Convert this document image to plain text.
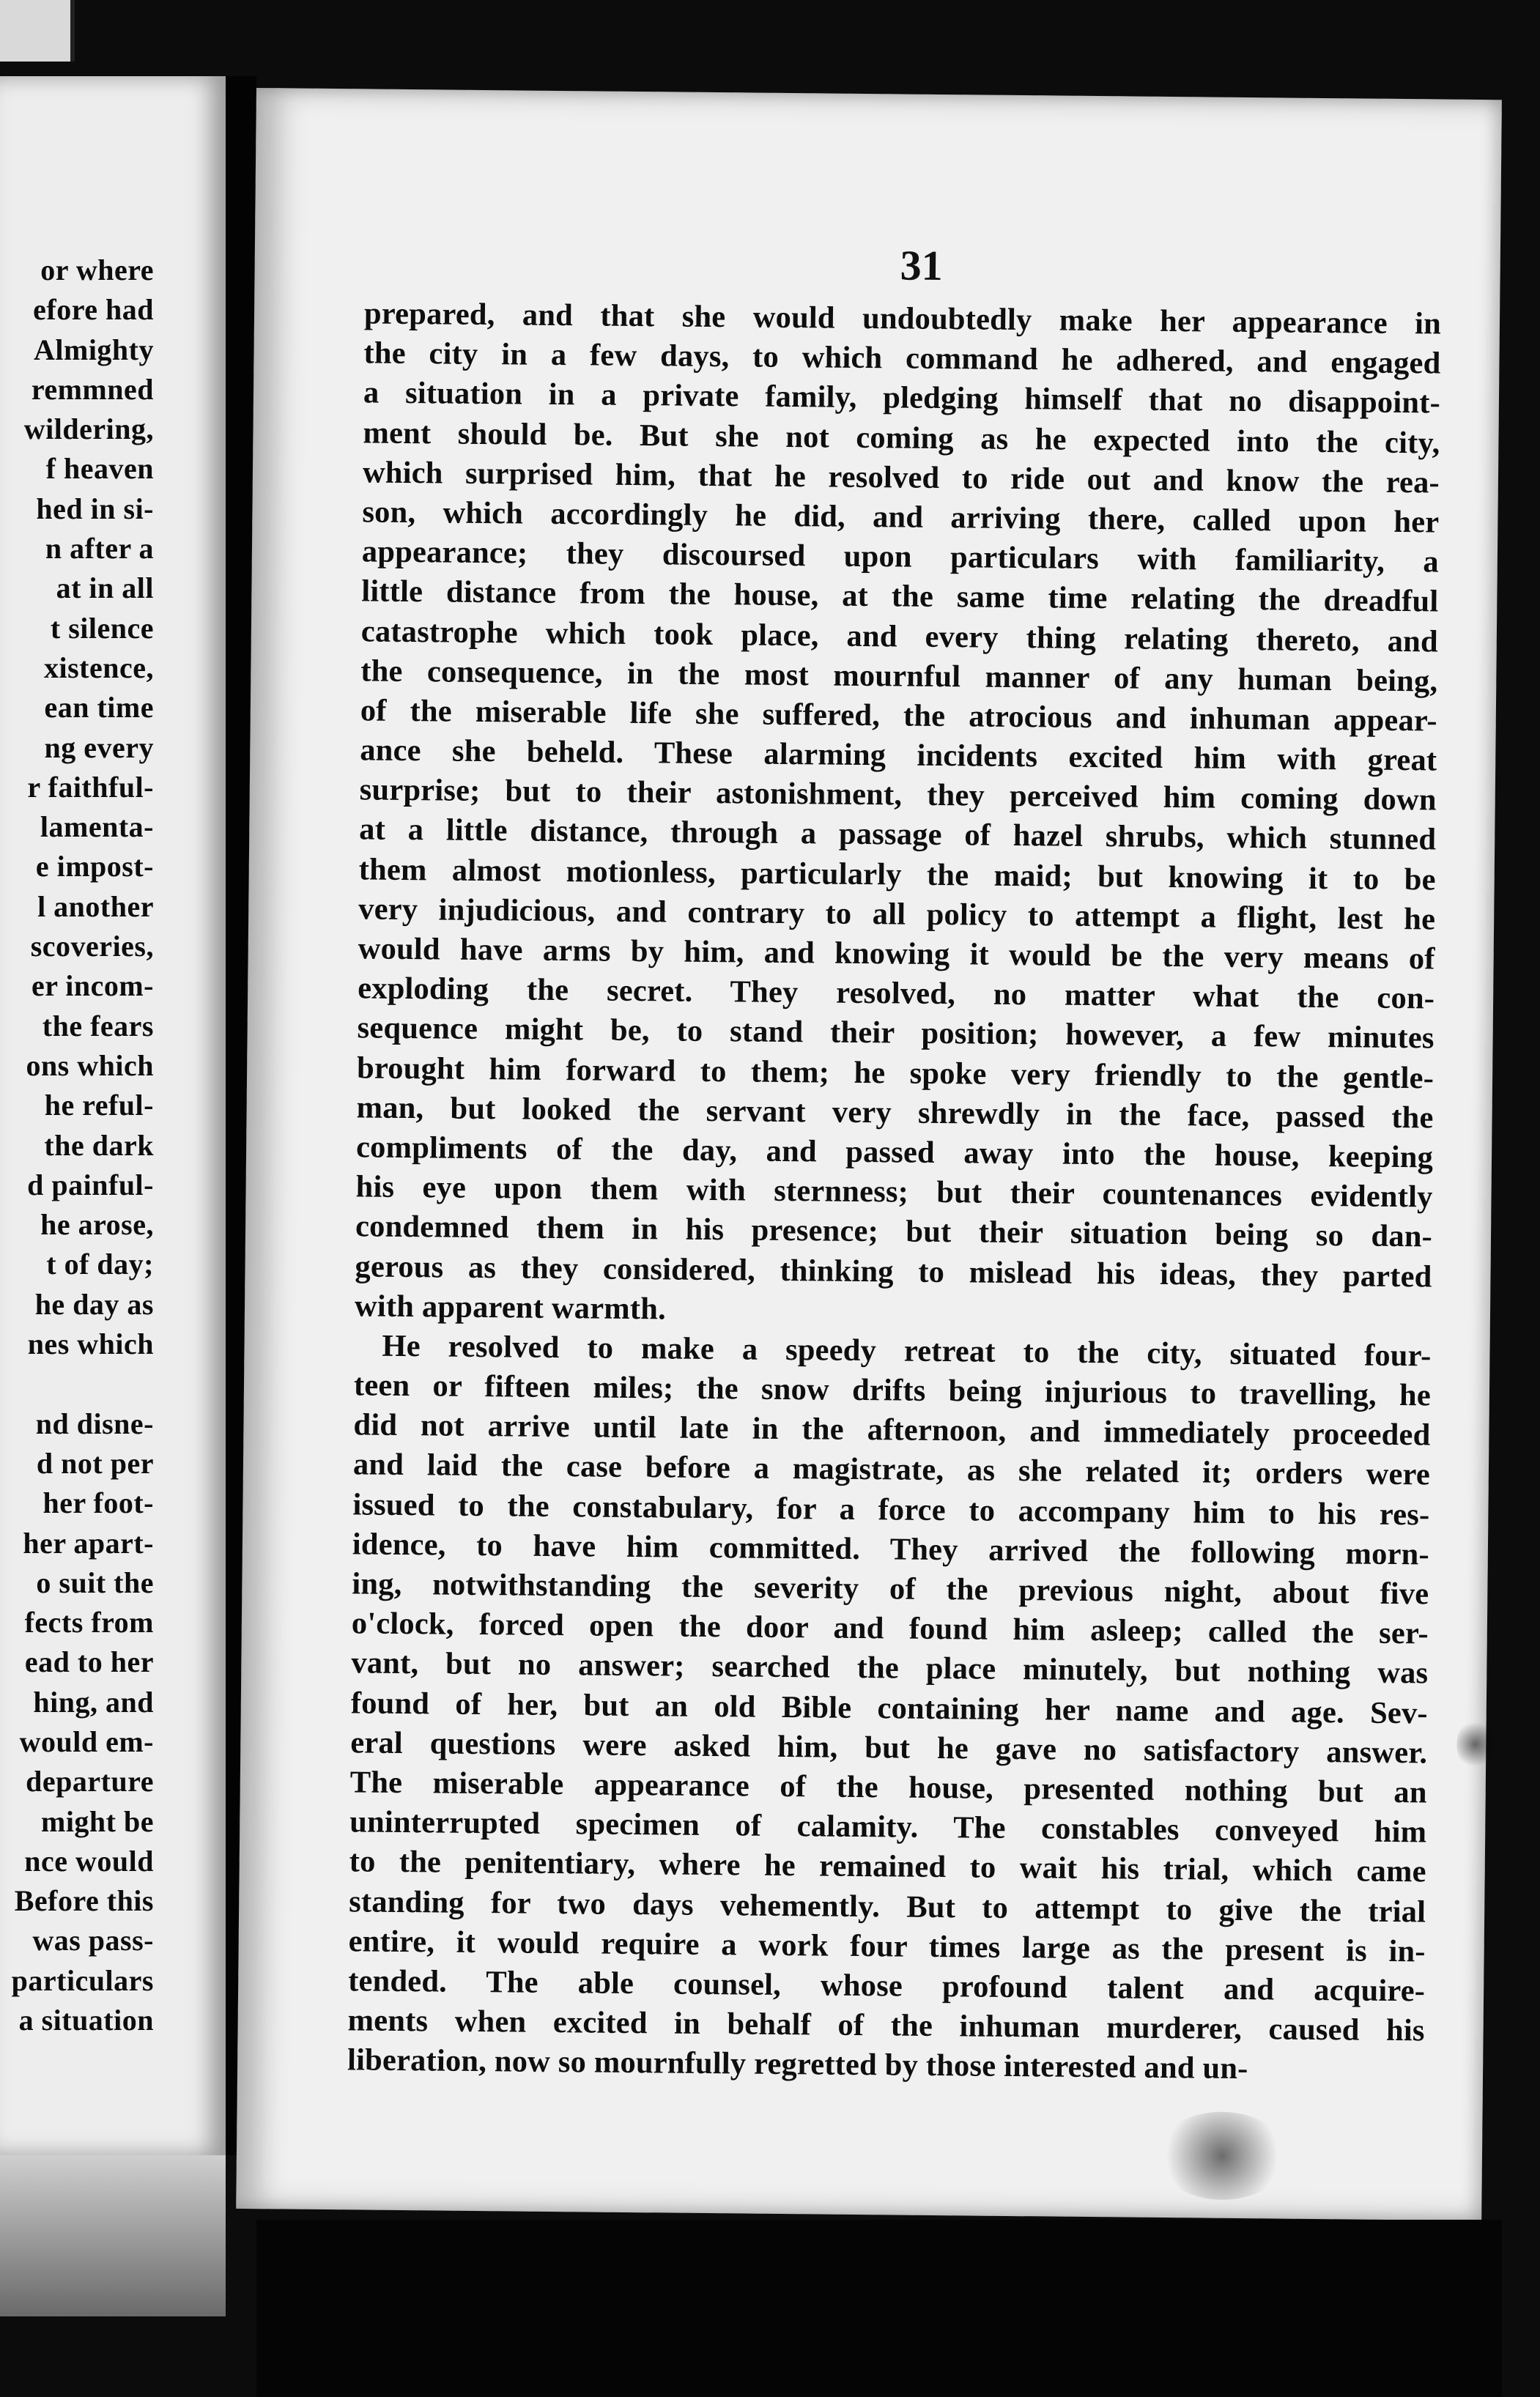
or where
efore had
Almighty
remmned
wildering,
f heaven
hed in si-
n after a
at in all
t silence
xistence,
ean time
ng every
r faithful-
lamenta-
e impost-
l another
scoveries,
er incom-
the fears
ons which
he reful-
the dark
d painful-
he arose,
t of day;
he day as
nes which
nd disne-
d not per
her foot-
her apart-
o suit the
fects from
ead to her
hing, and
would em-
departure
might be
nce would
Before this
was pass-
particulars
a situation
31
prepared, and that she would undoubtedly make her appearance in
the city in a few days, to which command he adhered, and engaged
a situation in a private family, pledging himself that no disappoint-
ment should be. But she not coming as he expected into the city,
which surprised him, that he resolved to ride out and know the rea-
son, which accordingly he did, and arriving there, called upon her
appearance; they discoursed upon particulars with familiarity, a
little distance from the house, at the same time relating the dreadful
catastrophe which took place, and every thing relating thereto, and
the consequence, in the most mournful manner of any human being,
of the miserable life she suffered, the atrocious and inhuman appear-
ance she beheld. These alarming incidents excited him with great
surprise; but to their astonishment, they perceived him coming down
at a little distance, through a passage of hazel shrubs, which stunned
them almost motionless, particularly the maid; but knowing it to be
very injudicious, and contrary to all policy to attempt a flight, lest he
would have arms by him, and knowing it would be the very means of
exploding the secret. They resolved, no matter what the con-
sequence might be, to stand their position; however, a few minutes
brought him forward to them; he spoke very friendly to the gentle-
man, but looked the servant very shrewdly in the face, passed the
compliments of the day, and passed away into the house, keeping
his eye upon them with sternness; but their countenances evidently
condemned them in his presence; but their situation being so dan-
gerous as they considered, thinking to mislead his ideas, they parted
with apparent warmth.
He resolved to make a speedy retreat to the city, situated four-
teen or fifteen miles; the snow drifts being injurious to travelling, he
did not arrive until late in the afternoon, and immediately proceeded
and laid the case before a magistrate, as she related it; orders were
issued to the constabulary, for a force to accompany him to his res-
idence, to have him committed. They arrived the following morn-
ing, notwithstanding the severity of the previous night, about five
o'clock, forced open the door and found him asleep; called the ser-
vant, but no answer; searched the place minutely, but nothing was
found of her, but an old Bible containing her name and age. Sev-
eral questions were asked him, but he gave no satisfactory answer.
The miserable appearance of the house, presented nothing but an
uninterrupted specimen of calamity. The constables conveyed him
to the penitentiary, where he remained to wait his trial, which came
standing for two days vehemently. But to attempt to give the trial
entire, it would require a work four times large as the present is in-
tended. The able counsel, whose profound talent and acquire-
ments when excited in behalf of the inhuman murderer, caused his
liberation, now so mournfully regretted by those interested and un-
